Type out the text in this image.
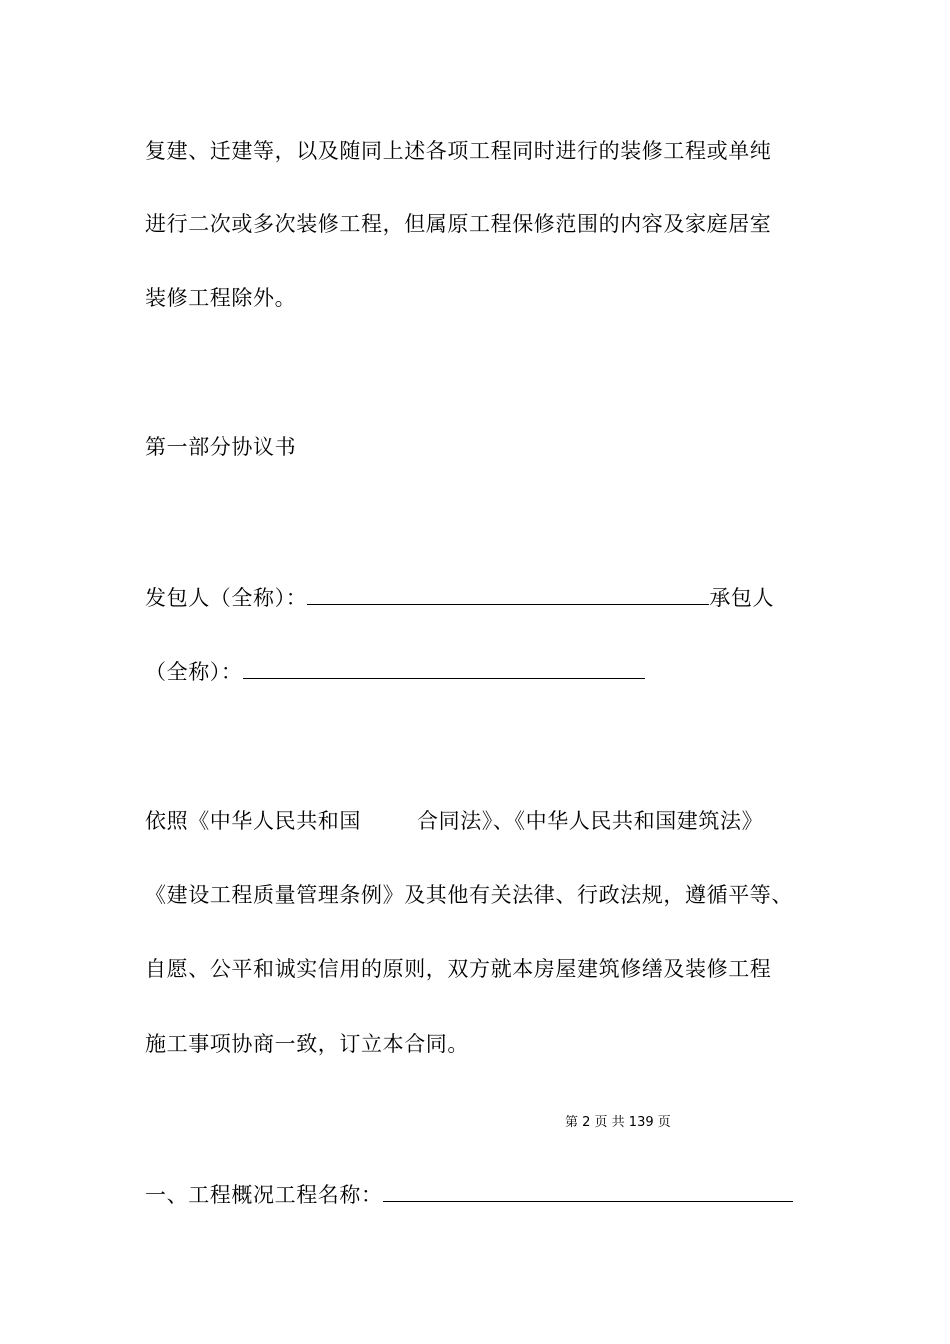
复建、迁建等，以及随同上述各项工程同时进行的装修工程或单纯
进行二次或多次装修工程，但属原工程保修范围的内容及家庭居室
装修工程除外。
第一部分协议书
发包人（全称）：	承包人
（全称）：
依照《中华人民共和国	合同法》、《中华人民共和国建筑法》
《建设工程质量管理条例》及其他有关法律、行政法规，遵循平等、
自愿、公平和诚实信用的原则，双方就本房屋建筑修缮及装修工程
施工事项协商一致，订立本合同。
第 2 页 共 139 页
一、工程概况工程名称：
